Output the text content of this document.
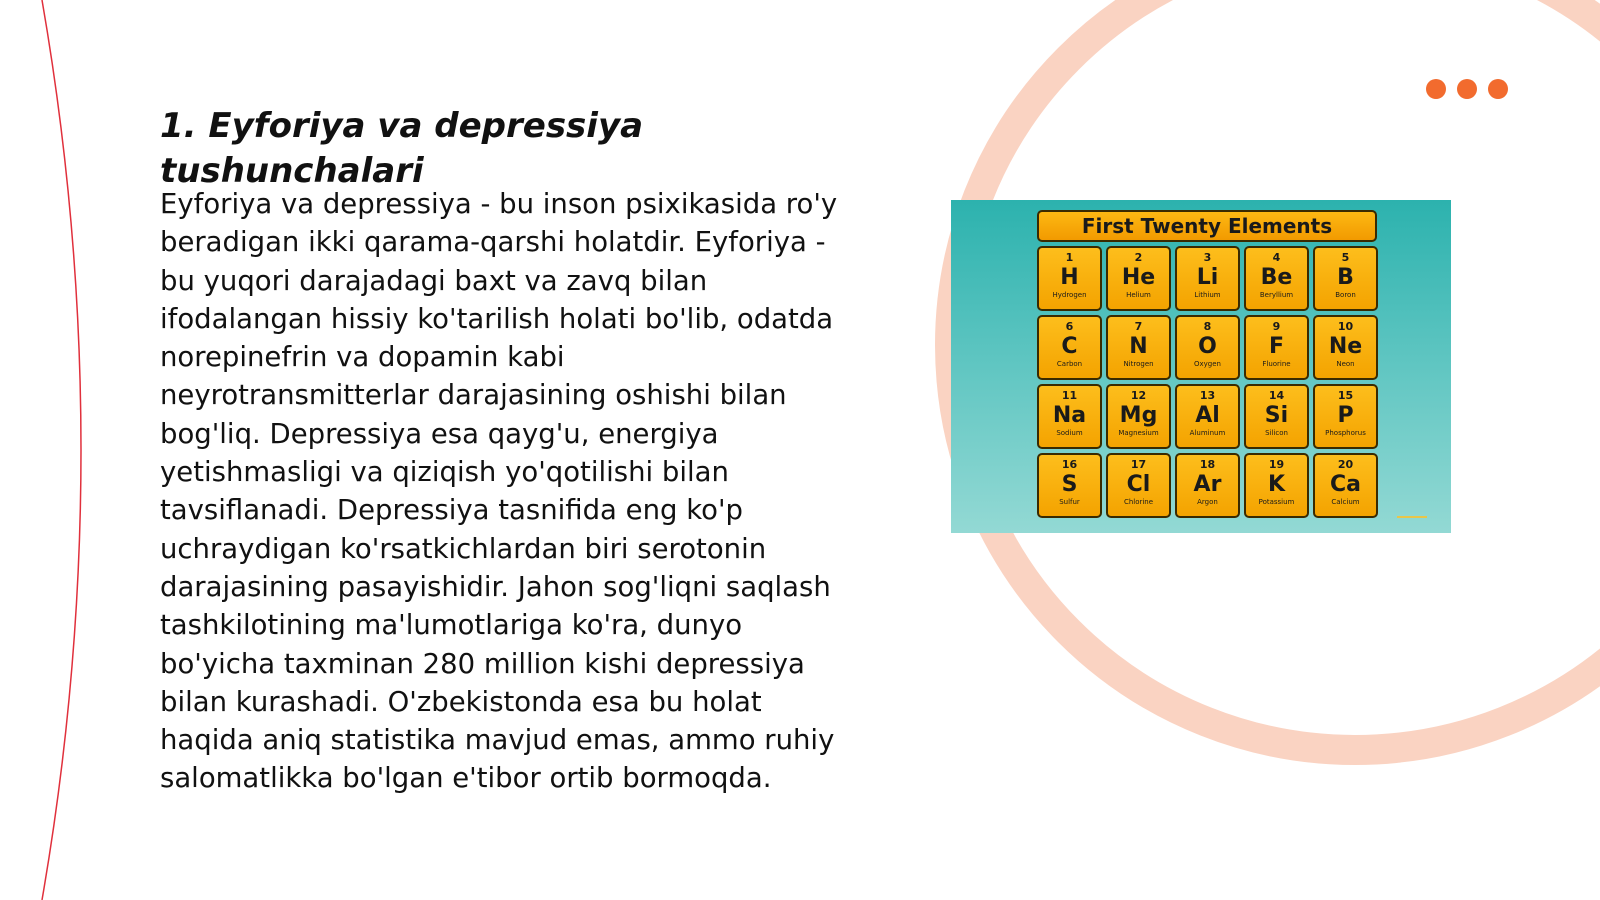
1. Eyforiya va depressiya tushunchalari

Eyforiya va depressiya - bu inson psixikasida ro'y beradigan ikki qarama-qarshi holatdir. Eyforiya - bu yuqori darajadagi baxt va zavq bilan ifodalangan hissiy ko'tarilish holati bo'lib, odatda norepinefrin va dopamin kabi neyrotransmitterlar darajasining oshishi bilan bog'liq. Depressiya esa qayg'u, energiya yetishmasligi va qiziqish yo'qotilishi bilan tavsiflanadi. Depressiya tasnifida eng ko'p uchraydigan ko'rsatkichlardan biri serotonin darajasining pasayishidir. Jahon sog'liqni saqlash tashkilotining ma'lumotlariga ko'ra, dunyo bo'yicha taxminan 280 million kishi depressiya bilan kurashadi. O'zbekistonda esa bu holat haqida aniq statistika mavjud emas, ammo ruhiy salomatlikka bo'lgan e'tibor ortib bormoqda.

First Twenty Elements
1
H
Hydrogen
2
He
Helium
3
Li
Lithium
4
Be
Beryllium
5
B
Boron
6
C
Carbon
7
N
Nitrogen
8
O
Oxygen
9
F
Fluorine
10
Ne
Neon
11
Na
Sodium
12
Mg
Magnesium
13
Al
Aluminum
14
Si
Silicon
15
P
Phosphorus
16
S
Sulfur
17
Cl
Chlorine
18
Ar
Argon
19
K
Potassium
20
Ca
Calcium
